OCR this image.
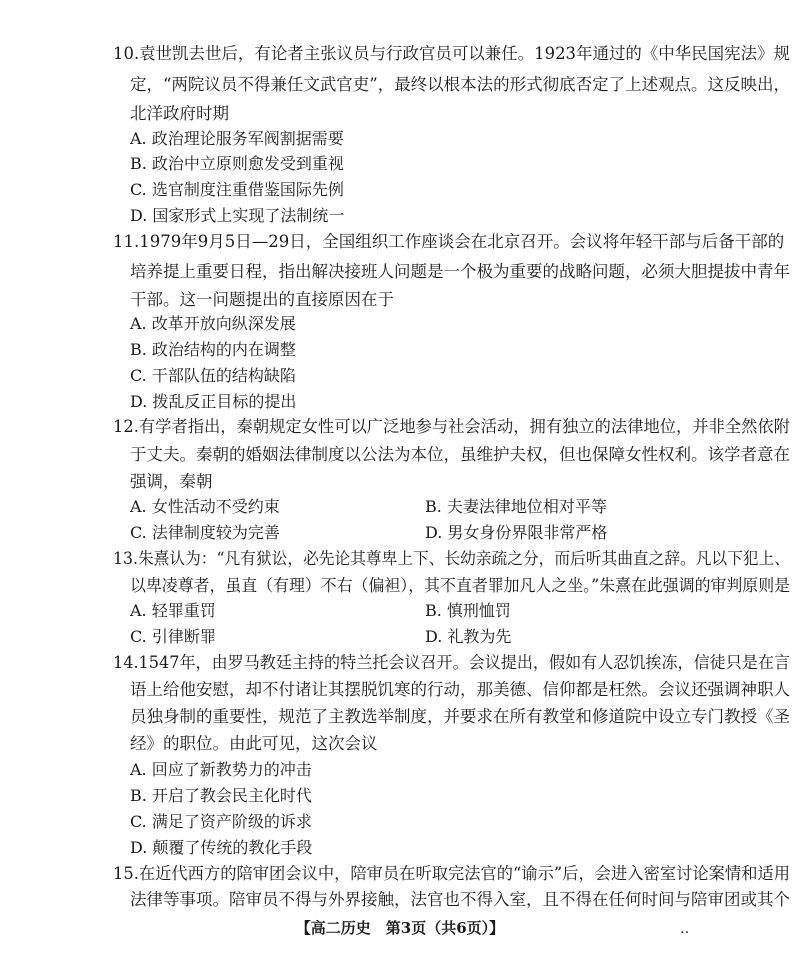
10.袁世凯去世后，有论者主张议员与行政官员可以兼任。1923年通过的《中华民国宪法》规
定，“两院议员不得兼任文武官吏”，最终以根本法的形式彻底否定了上述观点。这反映出，
北洋政府时期
A. 政治理论服务军阀割据需要
B. 政治中立原则愈发受到重视
C. 选官制度注重借鉴国际先例
D. 国家形式上实现了法制统一
11.1979年9月5日—29日，全国组织工作座谈会在北京召开。会议将年轻干部与后备干部的
培养提上重要日程，指出解决接班人问题是一个极为重要的战略问题，必须大胆提拔中青年
干部。这一问题提出的直接原因在于
A. 改革开放向纵深发展
B. 政治结构的内在调整
C. 干部队伍的结构缺陷
D. 拨乱反正目标的提出
12.有学者指出，秦朝规定女性可以广泛地参与社会活动，拥有独立的法律地位，并非全然依附
于丈夫。秦朝的婚姻法律制度以公法为本位，虽维护夫权，但也保障女性权利。该学者意在
强调，秦朝
A. 女性活动不受约束	B. 夫妻法律地位相对平等
C. 法律制度较为完善	D. 男女身份界限非常严格
13.朱熹认为：“凡有狱讼，必先论其尊卑上下、长幼亲疏之分，而后听其曲直之辞。凡以下犯上、
以卑凌尊者，虽直（有理）不右（偏袒），其不直者罪加凡人之坐。”朱熹在此强调的审判原则是
A. 轻罪重罚	B. 慎刑恤罚
C. 引律断罪	D. 礼教为先
14.1547年，由罗马教廷主持的特兰托会议召开。会议提出，假如有人忍饥挨冻，信徒只是在言
语上给他安慰，却不付诸让其摆脱饥寒的行动，那美德、信仰都是枉然。会议还强调神职人
员独身制的重要性，规范了主教选举制度，并要求在所有教堂和修道院中设立专门教授《圣
经》的职位。由此可见，这次会议
A. 回应了新教势力的冲击
B. 开启了教会民主化时代
C. 满足了资产阶级的诉求
D. 颠覆了传统的教化手段
15.在近代西方的陪审团会议中，陪审员在听取完法官的“谕示”后，会进入密室讨论案情和适用
法律等事项。陪审员不得与外界接触，法官也不得入室，且不得在任何时间与陪审团或其个
【高二历史　第3页（共6页）】	‥
